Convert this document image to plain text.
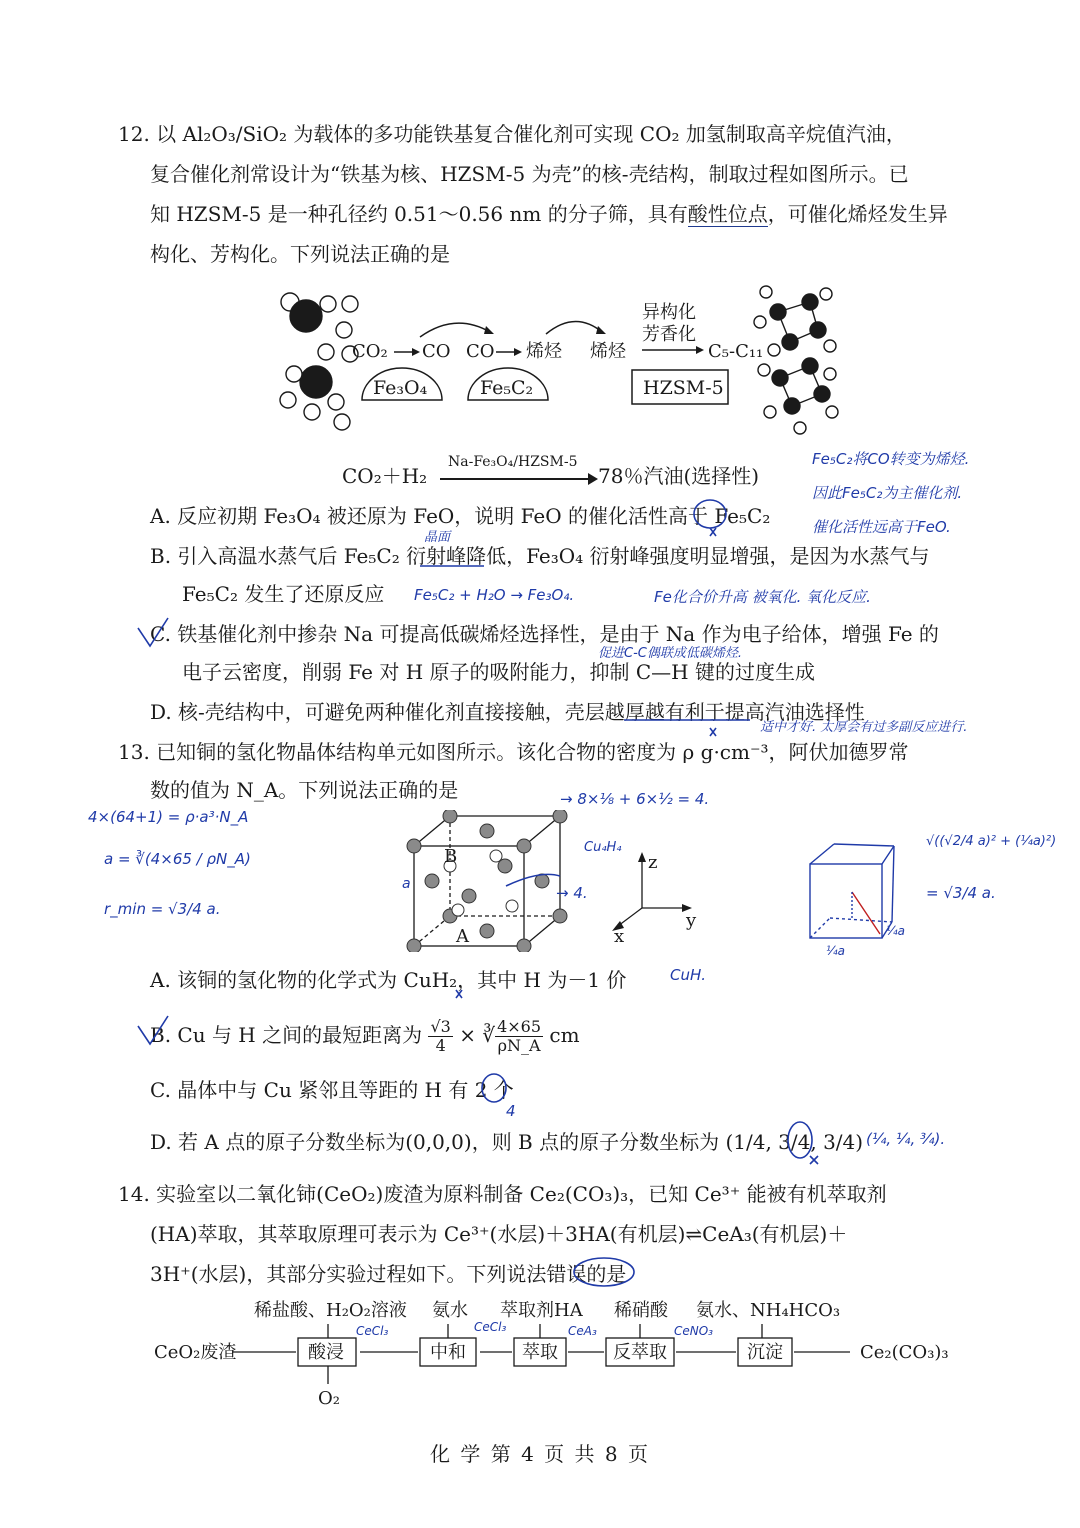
12. 以 Al₂O₃/SiO₂ 为载体的多功能铁基复合催化剂可实现 CO₂ 加氢制取高辛烷值汽油，
复合催化剂常设计为“铁基为核、HZSM-5 为壳”的核-壳结构，制取过程如图所示。已
知 HZSM-5 是一种孔径约 0.51～0.56 nm 的分子筛，具有酸性位点，可催化烯烃发生异
构化、芳构化。下列说法正确的是
CO₂ CO CO 烯烃 烯烃
异构化
芳香化
C₅-C₁₁
Fe₃O₄	Fe₅C₂	HZSM-5
CO₂＋H₂
Na-Fe₃O₄/HZSM-5
78％汽油(选择性)
A. 反应初期 Fe₃O₄ 被还原为 FeO，说明 FeO 的催化活性高于 Fe₅C₂
B. 引入高温水蒸气后 Fe₅C₂ 衍射峰降低，Fe₃O₄ 衍射峰强度明显增强，是因为水蒸气与
Fe₅C₂ 发生了还原反应
C. 铁基催化剂中掺杂 Na 可提高低碳烯烃选择性，是由于 Na 作为电子给体，增强 Fe 的
电子云密度，削弱 Fe 对 H 原子的吸附能力，抑制 C—H 键的过度生成
D. 核-壳结构中，可避免两种催化剂直接接触，壳层越厚越有利于提高汽油选择性
13. 已知铜的氢化物晶体结构单元如图所示。该化合物的密度为 ρ g·cm⁻³，阿伏加德罗常
数的值为 N_A。下列说法正确的是
B
A
z
y
x
A. 该铜的氢化物的化学式为 CuH₂，其中 H 为－1 价
B. Cu 与 H 之间的最短距离为 $\frac{√3}{4}$ × ∛ $\frac{4\times 65}{\rho N\_A}$ cm
C. 晶体中与 Cu 紧邻且等距的 H 有 2 个
D. 若 A 点的原子分数坐标为(0,0,0)，则 B 点的原子分数坐标为 (1/4, 3/4, 3/4)
14. 实验室以二氧化铈(CeO₂)废渣为原料制备 Ce₂(CO₃)₃，已知 Ce³⁺ 能被有机萃取剂
(HA)萃取，其萃取原理可表示为 Ce³⁺(水层)＋3HA(有机层)⇌CeA₃(有机层)＋
3H⁺(水层)，其部分实验过程如下。下列说法错误的是
稀盐酸、H₂O₂溶液 氨水 萃取剂HA 稀硝酸 氨水、NH₄HCO₃
CeO₂废渣	酸浸	中和	萃取	反萃取	沉淀
O₂
Ce₂(CO₃)₃
Fe₅C₂将CO转变为烯烃.
因此Fe₅C₂为主催化剂.
催化活性远高于FeO.
晶面
Fe₅C₂ + H₂O → Fe₃O₄.	Fe化合价升高 被氧化. 氧化反应.
促进C-C偶联成低碳烯烃.
适中才好. 太厚会有过多副反应进行.
→ 8×⅛ + 6×½ = 4.
4×(64+1) = ρ·a³·N_A
a = ∛(4×65 / ρN_A)
r_min = √3/4 a.
Cu₄H₄
→ 4.
CuH.
√((√2/4 a)² + (¼a)²)
= √3/4 a.
¼a
¼a
4
(¼, ¼, ¾).
CeCl₃	CeCl₃	CeA₃	CeNO₃
a
化 学 第 4 页 共 8 页
